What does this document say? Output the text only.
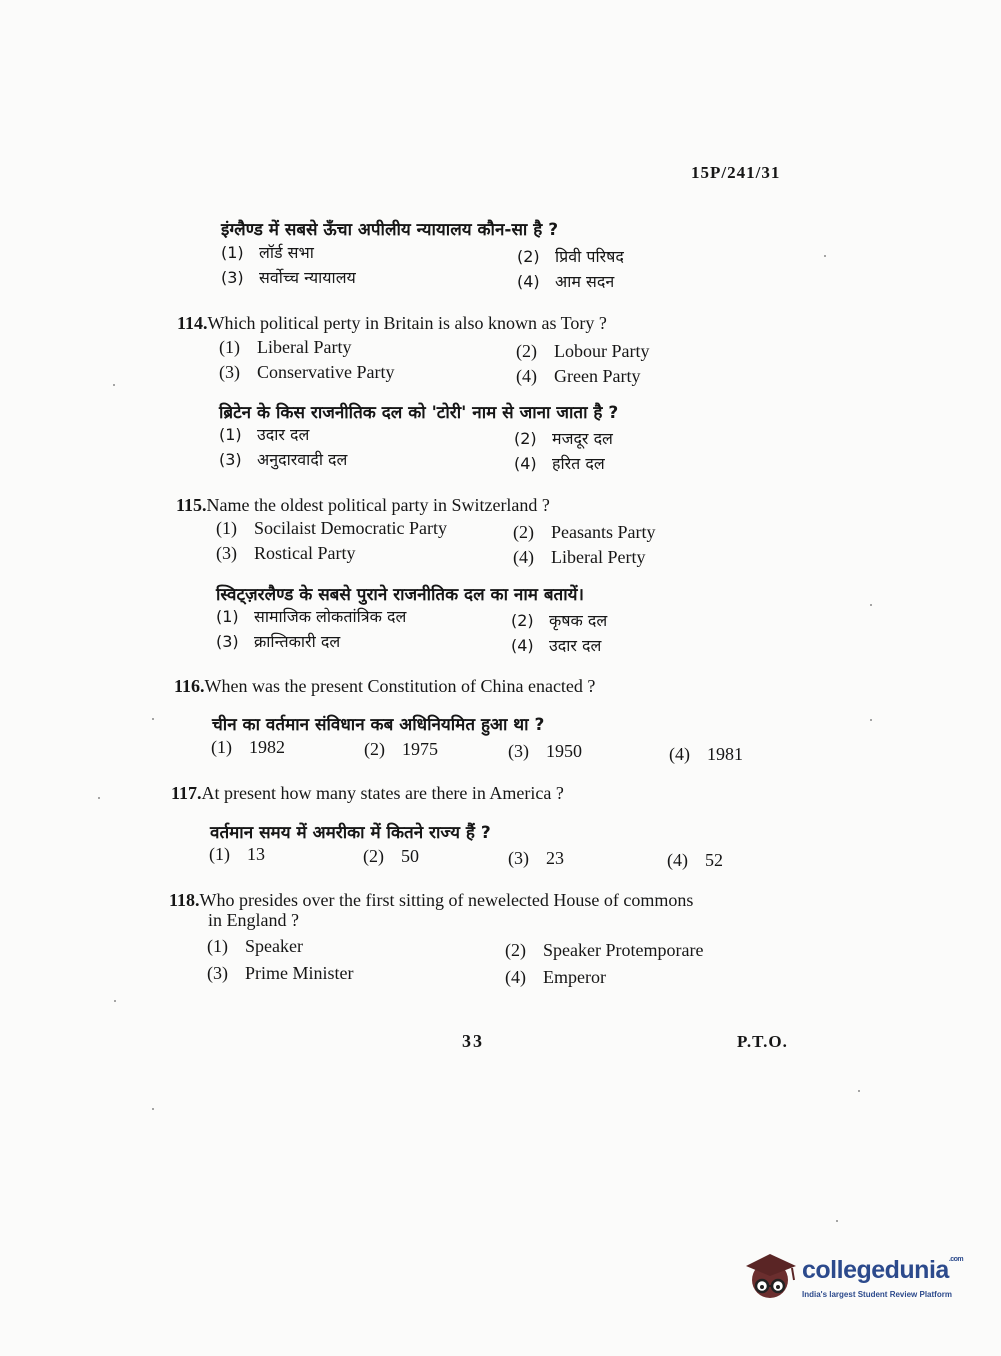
15P/241/31
इंग्लैण्ड में सबसे ऊँचा अपीलीय न्यायालय कौन-सा है ?
(1) लॉर्ड सभा	(2) प्रिवी परिषद
(3) सर्वोच्च न्यायालय	(4) आम सदन
114.Which political perty in Britain is also known as Tory ?
(1) Liberal Party	(2) Lobour Party
(3) Conservative Party	(4) Green Party
ब्रिटेन के किस राजनीतिक दल को 'टोरी' नाम से जाना जाता है ?
(1) उदार दल	(2) मजदूर दल
(3) अनुदारवादी दल	(4) हरित दल
115.Name the oldest political party in Switzerland ?
(1) Socilaist Democratic Party	(2) Peasants Party
(3) Rostical Party	(4) Liberal Perty
स्विट्ज़रलैण्ड के सबसे पुराने राजनीतिक दल का नाम बतायें।
(1) सामाजिक लोकतांत्रिक दल	(2) कृषक दल
(3) क्रान्तिकारी दल	(4) उदार दल
116.When was the present Constitution of China enacted ?
चीन का वर्तमान संविधान कब अधिनियमित हुआ था ?
(1) 1982	(2) 1975	(3) 1950	(4) 1981
117.At present how many states are there in America ?
वर्तमान समय में अमरीका में कितने राज्य हैं ?
(1) 13	(2) 50	(3) 23	(4) 52
118.Who presides over the first sitting of newelected House of commons
in England ?
(1) Speaker	(2) Speaker Protemporare
(3) Prime Minister	(4) Emperor
33	P.T.O.
collegedunia$^{.com}$
India's largest Student Review Platform
